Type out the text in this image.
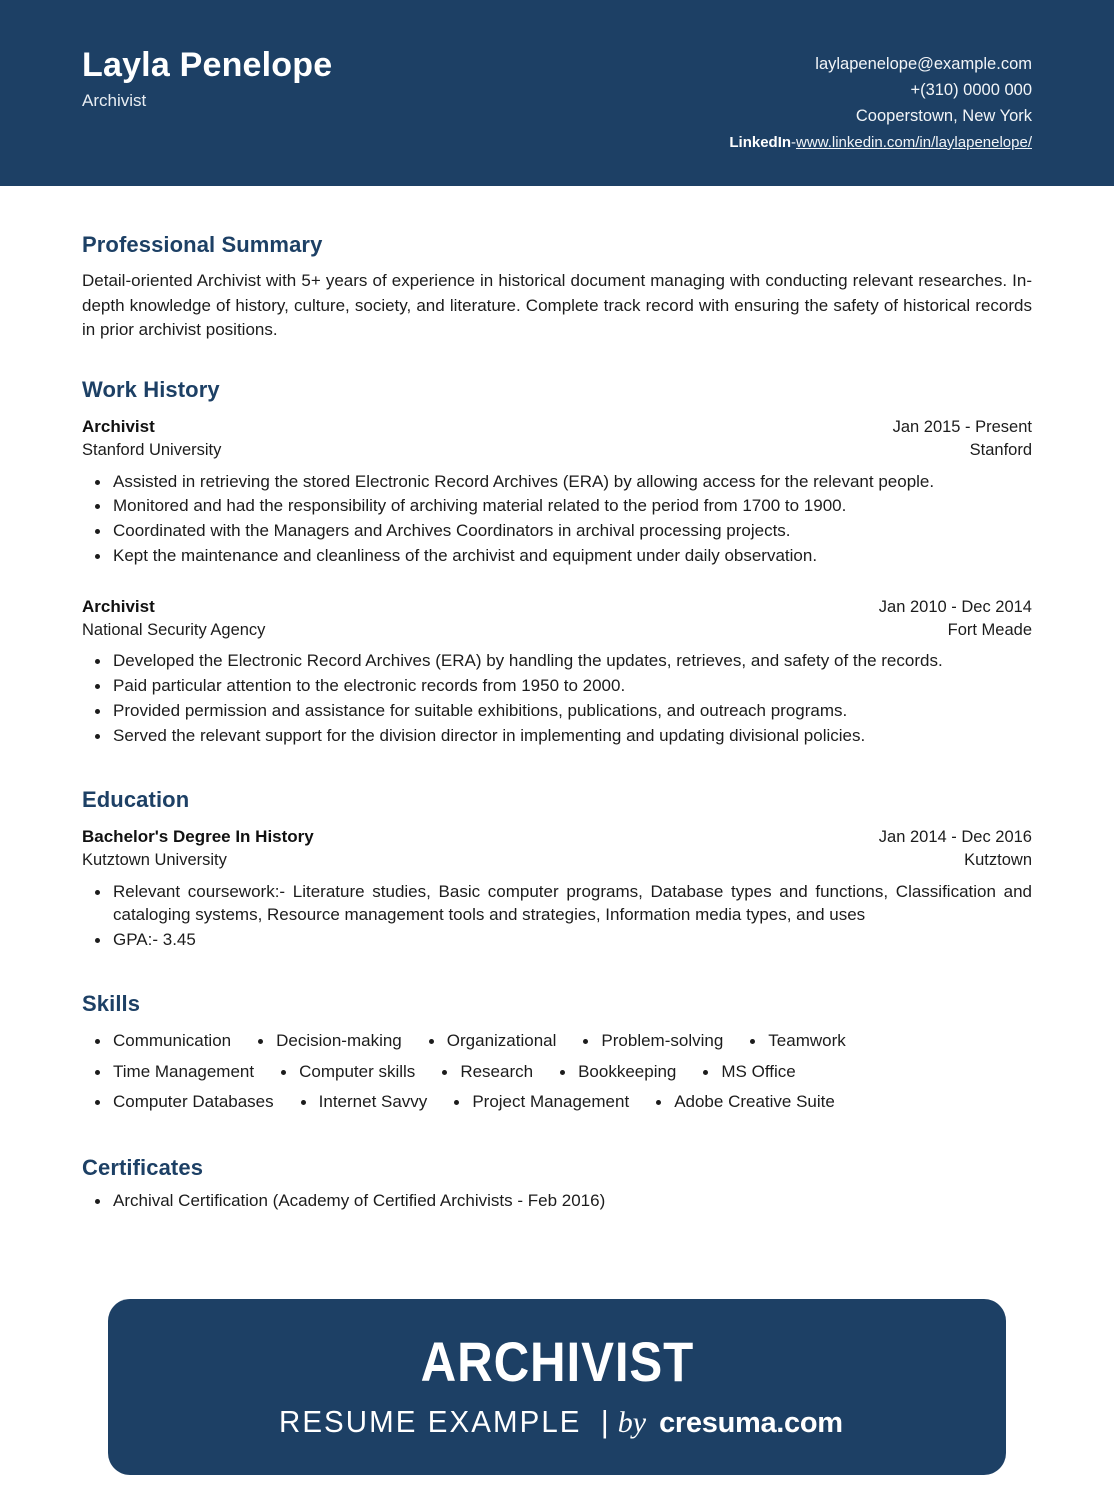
Layla Penelope
Archivist
laylapenelope@example.com
+(310) 0000 000
Cooperstown, New York
LinkedIn-www.linkedin.com/in/laylapenelope/
Professional Summary
Detail-oriented Archivist with 5+ years of experience in historical document managing with conducting relevant researches. In-depth knowledge of history, culture, society, and literature. Complete track record with ensuring the safety of historical records in prior archivist positions.
Work History
Archivist	Jan 2015 - Present
Stanford University	Stanford
Assisted in retrieving the stored Electronic Record Archives (ERA) by allowing access for the relevant people.
Monitored and had the responsibility of archiving material related to the period from 1700 to 1900.
Coordinated with the Managers and Archives Coordinators in archival processing projects.
Kept the maintenance and cleanliness of the archivist and equipment under daily observation.
Archivist	Jan 2010 - Dec 2014
National Security Agency	Fort Meade
Developed the Electronic Record Archives (ERA) by handling the updates, retrieves, and safety of the records.
Paid particular attention to the electronic records from 1950 to 2000.
Provided permission and assistance for suitable exhibitions, publications, and outreach programs.
Served the relevant support for the division director in implementing and updating divisional policies.
Education
Bachelor's Degree In History	Jan 2014 - Dec 2016
Kutztown University	Kutztown
Relevant coursework:- Literature studies, Basic computer programs, Database types and functions, Classification and cataloging systems, Resource management tools and strategies, Information media types, and uses
GPA:- 3.45
Skills
Communication	Decision-making	Organizational	Problem-solving	Teamwork
Time Management	Computer skills	Research	Bookkeeping	MS Office
Computer Databases	Internet Savvy	Project Management	Adobe Creative Suite
Certificates
Archival Certification (Academy of Certified Archivists - Feb 2016)
ARCHIVIST
RESUME EXAMPLE | by cresuma.com
